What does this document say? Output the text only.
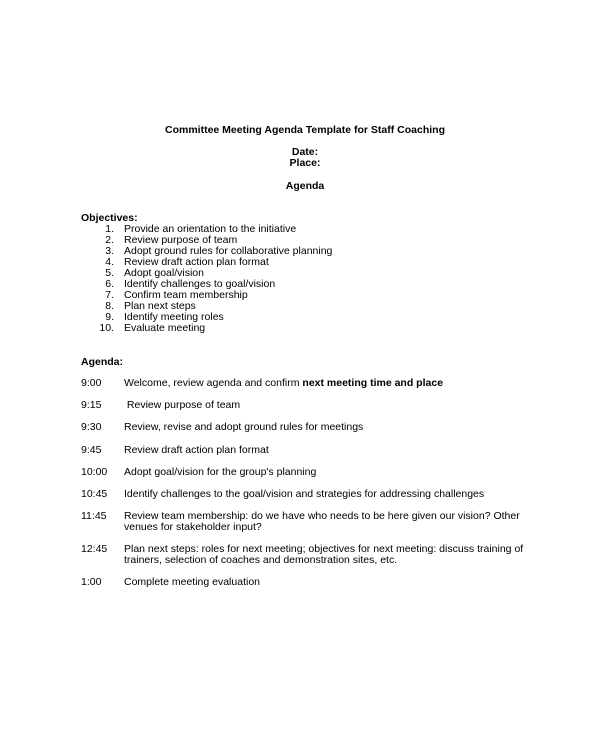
Committee Meeting Agenda Template for Staff Coaching
Date:
Place:
Agenda
Objectives:
1. Provide an orientation to the initiative
2. Review purpose of team
3. Adopt ground rules for collaborative planning
4. Review draft action plan format
5. Adopt goal/vision
6. Identify challenges to goal/vision
7. Confirm team membership
8. Plan next steps
9. Identify meeting roles
10. Evaluate meeting
Agenda:
9:00 Welcome, review agenda and confirm next meeting time and place
9:15 Review purpose of team
9:30 Review, revise and adopt ground rules for meetings
9:45 Review draft action plan format
10:00 Adopt goal/vision for the group's planning
10:45 Identify challenges to the goal/vision and strategies for addressing challenges
11:45 Review team membership: do we have who needs to be here given our vision? Other venues for stakeholder input?
12:45 Plan next steps: roles for next meeting; objectives for next meeting: discuss training of trainers, selection of coaches and demonstration sites, etc.
1:00 Complete meeting evaluation
